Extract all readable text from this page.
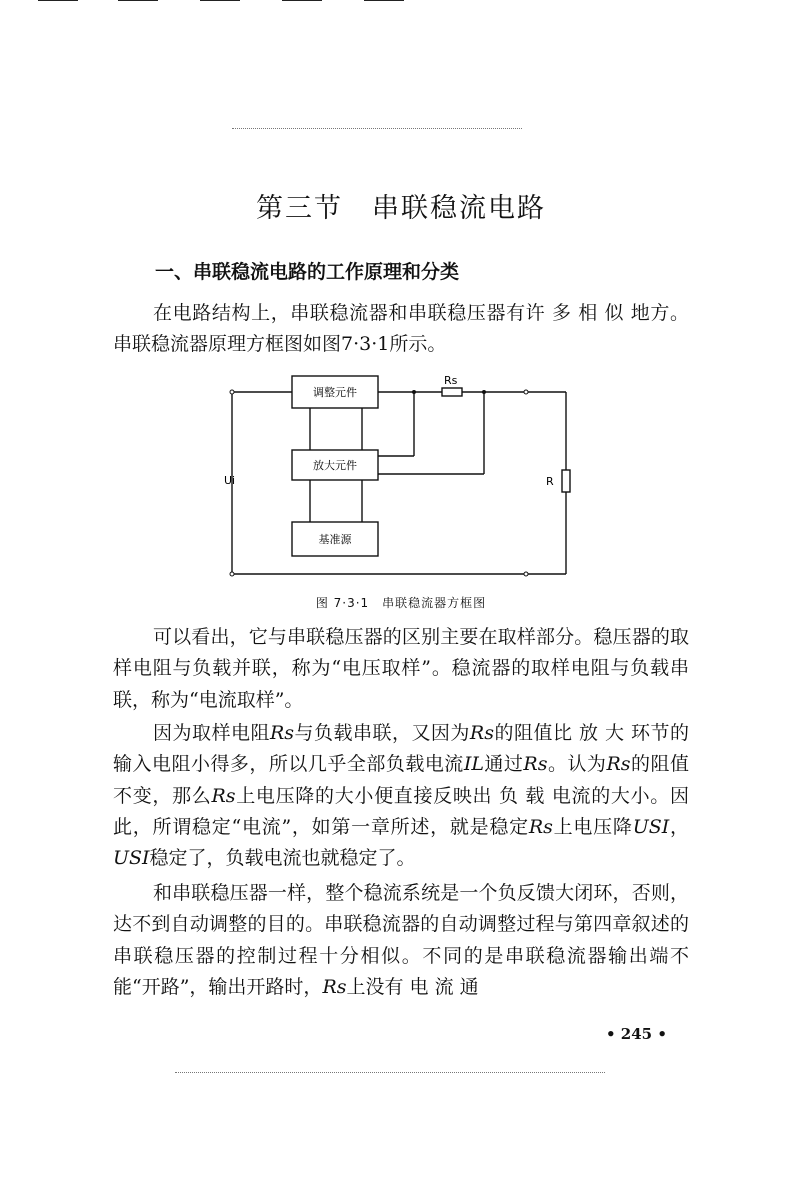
第三节　串联稳流电路
一、串联稳流电路的工作原理和分类

在电路结构上，串联稳流器和串联稳压器有许 多 相 似 地方。串联稳流器原理方框图如图7·3·1所示。

调整元件
放大元件
基准源
Rs
Ui	R
图 7·3·1　串联稳流器方框图

可以看出，它与串联稳压器的区别主要在取样部分。稳压器的取样电阻与负载并联，称为“电压取样”。稳流器的取样电阻与负载串联，称为“电流取样”。

因为取样电阻Rs与负载串联，又因为Rs的阻值比 放 大 环节的输入电阻小得多，所以几乎全部负载电流IL通过Rs。认为Rs的阻值不变，那么Rs上电压降的大小便直接反映出 负 载 电流的大小。因此，所谓稳定“电流”，如第一章所述，就是稳定Rs上电压降USI，USI稳定了，负载电流也就稳定了。

和串联稳压器一样，整个稳流系统是一个负反馈大闭环，否则，达不到自动调整的目的。串联稳流器的自动调整过程与第四章叙述的串联稳压器的控制过程十分相似。不同的是串联稳流器输出端不能“开路”，输出开路时，Rs上没有 电 流 通

• 245 •
